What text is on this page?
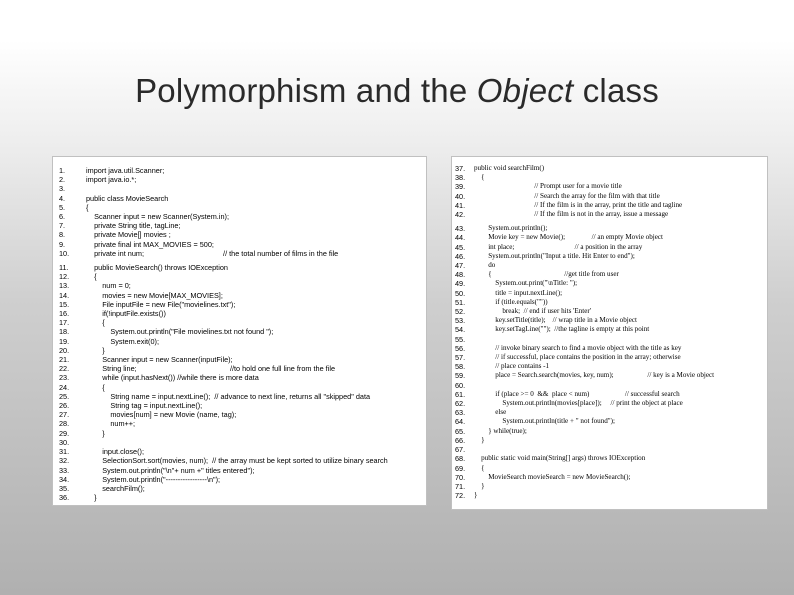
Polymorphism and the Object class
1.
2.
3.
4.
5.
6.
7.
8.
9.
10.
11.
12.
13.
14.
15.
16.
17.
18.
19.
20.
21.
22.
23.
24.
25.
26.
27.
28.
29.
30.
31.
32.
33.
34.
35.
36.
import java.util.Scanner;
import java.io.*;

public class MovieSearch
{
Scanner input = new Scanner(System.in);
private String title, tagLine;
private Movie[] movies ;
private final int MAX_MOVIES = 500;
private int num;                                       // the total number of films in the file
public MovieSearch() throws IOException
{
num = 0;
movies = new Movie[MAX_MOVIES];
File inputFile = new File("movielines.txt");
if(!inputFile.exists())
{
System.out.println("File movielines.txt not found ");
System.exit(0);
}
Scanner input = new Scanner(inputFile);
String line;                                              //to hold one full line from the file
while (input.hasNext()) //while there is more data
{
String name = input.nextLine();  // advance to next line, returns all "skipped" data
String tag = input.nextLine();
movies[num] = new Movie (name, tag);
num++;
}

input.close();
SelectionSort.sort(movies, num);  // the array must be kept sorted to utilize binary search
System.out.println("\n"+ num +" titles entered");
System.out.println("-----------------\n");
searchFilm();
}
37.
38.
39.
40.
41.
42.
43.
44.
45.
46.
47.
48.
49.
50.
51.
52.
53.
54.
55.
56.
57.
58.
59.
60.
61.
62.
63.
64.
65.
66.
67.
68.
69.
70.
71.
72.
public void searchFilm()
{
// Prompt user for a movie title
// Search the array for the film with that title
// If the film is in the array, print the title and tagline
// If the film is not in the array, issue a message
System.out.println();
Movie key = new Movie();               // an empty Movie object
int place;                                  // a position in the array
System.out.println("Input a title. Hit Enter to end");
do
{                                         //get title from user
System.out.print("\nTitle: ");
title = input.nextLine();
if (title.equals(""))
break;  // end if user hits 'Enter'
key.setTitle(title);    // wrap title in a Movie object
key.setTagLine("");  //the tagline is empty at this point

// invoke binary search to find a movie object with the title as key
// if successful, place contains the position in the array; otherwise
// place contains -1
place = Search.search(movies, key, num);                   // key is a Movie object

if (place >= 0  &&  place < num)                    // successful search
System.out.println(movies[place]);     // print the object at place
else
System.out.println(title + " not found");
} while(true);
}

public static void main(String[] args) throws IOException
{
MovieSearch movieSearch = new MovieSearch();
}
}
